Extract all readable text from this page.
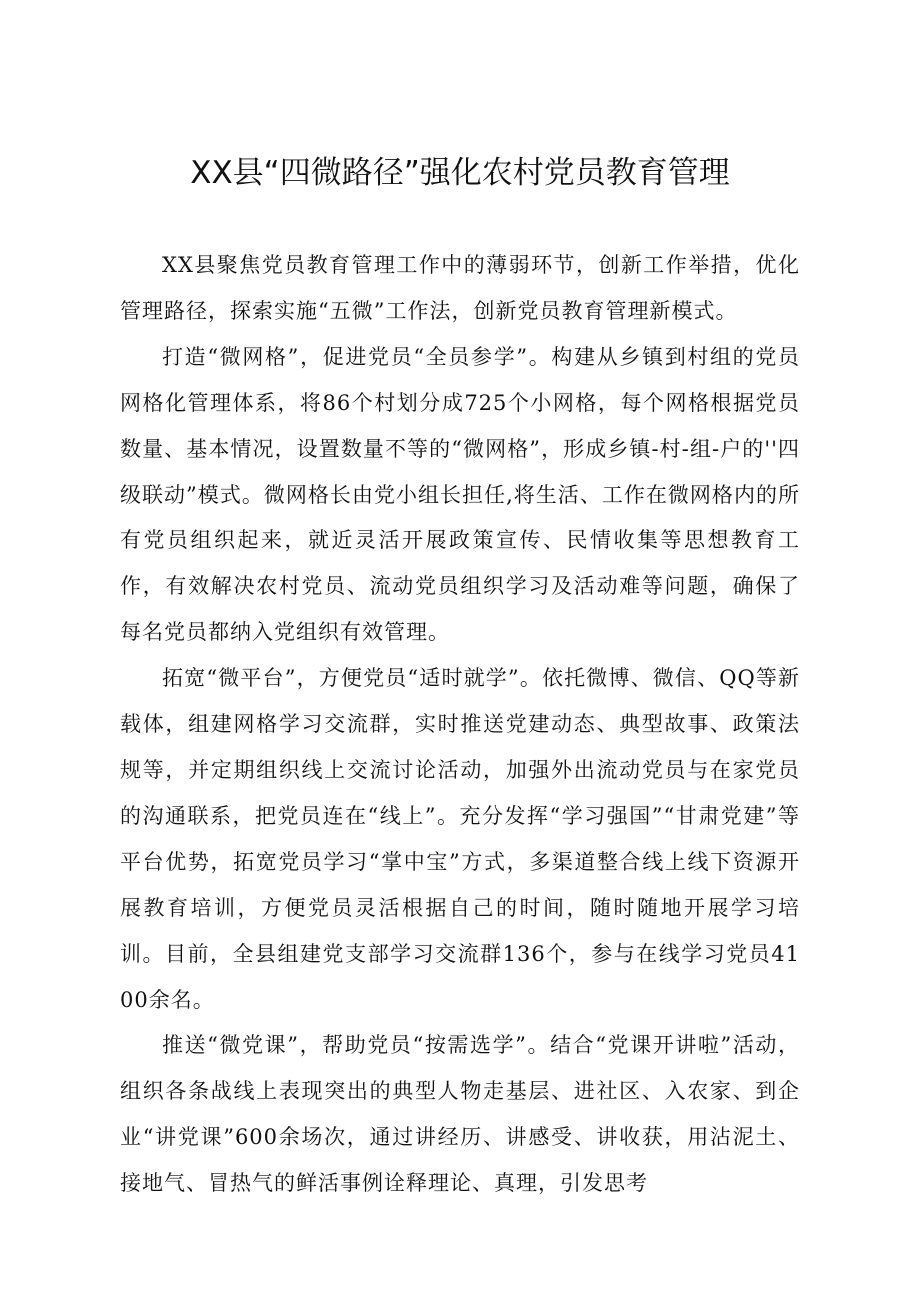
XX县“四微路径”强化农村党员教育管理

XX县聚焦党员教育管理工作中的薄弱环节，创新工作举措，优化管理路径，探索实施“五微”工作法，创新党员教育管理新模式。

打造“微网格”，促进党员“全员参学”。构建从乡镇到村组的党员网格化管理体系，将86个村划分成725个小网格，每个网格根据党员数量、基本情况，设置数量不等的“微网格”，形成乡镇-村-组-户的''四级联动”模式。微网格长由党小组长担任,将生活、工作在微网格内的所有党员组织起来，就近灵活开展政策宣传、民情收集等思想教育工作，有效解决农村党员、流动党员组织学习及活动难等问题，确保了每名党员都纳入党组织有效管理。

拓宽“微平台”，方便党员“适时就学”。依托微博、微信、QQ等新载体，组建网格学习交流群，实时推送党建动态、典型故事、政策法规等，并定期组织线上交流讨论活动，加强外出流动党员与在家党员的沟通联系，把党员连在“线上”。充分发挥“学习强国”“甘肃党建”等平台优势，拓宽党员学习“掌中宝”方式，多渠道整合线上线下资源开展教育培训，方便党员灵活根据自己的时间，随时随地开展学习培训。目前，全县组建党支部学习交流群136个，参与在线学习党员4100余名。

推送“微党课”，帮助党员“按需选学”。结合“党课开讲啦”活动，组织各条战线上表现突出的典型人物走基层、进社区、入农家、到企业“讲党课”600余场次，通过讲经历、讲感受、讲收获，用沾泥土、接地气、冒热气的鲜活事例诠释理论、真理，引发思考
